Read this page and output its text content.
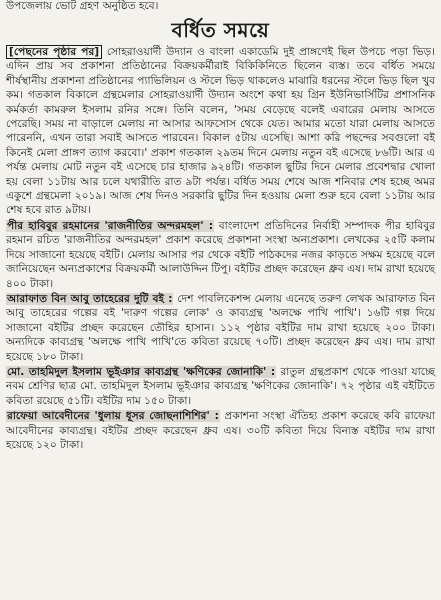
উপজেলায় ভোট গ্রহণ অনুষ্ঠিত হবে।
বর্ধিত সময়ে

[পেছনের পৃষ্ঠার পর] সোহরাওয়ার্দী উদ্যান ও বাংলা একাডেমি দুই প্রাঙ্গণেই ছিল উপচে পড়া ভিড়। এদিন প্রায় সব প্রকাশনা প্রতিষ্ঠানের বিক্রয়কর্মীরাই বিকিকিনিতে ছিলেন ব্যস্ত। তবে বর্ধিত সময়ে শীর্ষস্থানীয় প্রকাশনা প্রতিষ্ঠানের প্যাভিলিয়ন ও স্টলে ভিড় থাকলেও মাঝারি ধরনের স্টলে ভিড় ছিল খুব কম। গতকাল বিকালে গ্রন্থমেলার সোহরাওয়ার্দী উদ্যান অংশে কথা হয় গ্রিন ইউনিভার্সিটির প্রশাসনিক কর্মকর্তা কামরুল ইসলাম রনির সঙ্গে। তিনি বলেন, 'সময় বেড়েছে বলেই এবারের মেলায় আসতে পেরেছি। সময় না বাড়ালে মেলায় না আসার আফসোস থেকে যেত। আমার মতো যারা মেলায় আসতে পারেননি, এখন তারা সবাই আসতে পারবেন। বিকাল ৫টায় এসেছি। আশা করি পছন্দের সবগুলো বই কিনেই মেলা প্রাঙ্গণ ত্যাগ করবো।' প্রকাশ গতকাল ২৯তম দিনে মেলায় নতুন বই এসেছে ৮৬টি। আর এ পর্যন্ত মেলায় মোট নতুন বই এসেছে চার হাজার ৯২৪টি। গতকাল ছুটির দিনে মেলার প্রবেশদ্বার খোলা হয় বেলা ১১টায় আর চলে যথারীতি রাত ৯টা পর্যন্ত। বর্ধিত সময় শেষে আজ শনিবার শেষ হচ্ছে অমর একুশে গ্রন্থমেলা ২০১৯। আজ শেষ দিনও সরকারি ছুটির দিন হওয়ায় মেলা শুরু হবে বেলা ১১টায় আর শেষ হবে রাত ৯টায়।

পীর হাবিবুর রহমানের 'রাজনীতির অন্দরমহল' : বাংলাদেশ প্রতিদিনের নির্বাহী সম্পাদক পীর হাবিবুর রহমান রচিত 'রাজনীতির অন্দরমহল' প্রকাশ করেছে প্রকাশনা সংস্থা অন্যপ্রকাশ। লেখকের ২৫টি কলাম দিয়ে সাজানো হয়েছে বইটি। মেলায় আসার পর থেকে বইটি পাঠকদের নজর কাড়তে সক্ষম হয়েছে বলে জানিয়েছেন অন্যপ্রকাশের বিক্রয়কর্মী আলাউদ্দিন টিপু। বইটির প্রচ্ছদ করেছেন ধ্রুব এষ। দাম রাখা হয়েছে ৪০০ টাকা।

আরাফাত বিন আবু তাহেরের দুটি বই : দেশ পাবলিকেশন্স মেলায় এনেছে তরুণ লেখক আরাফাত বিন আবু তাহেরের গল্পের বই 'দারুণ গল্পের লোক' ও কাব্যগ্রন্থ 'অলক্ষে পাখি পাখি'। ১৬টি গল্প দিয়ে সাজানো বইটির প্রচ্ছদ করেছেন তৌহির হাসান। ১১২ পৃষ্ঠার বইটির দাম রাখা হয়েছে ২০০ টাকা। অন্যদিকে কাব্যগ্রন্থ 'অলক্ষে পাখি পাখি'তে কবিতা রয়েছে ৭০টি। প্রচ্ছদ করেছেন ধ্রুব এষ। দাম রাখা হয়েছে ১৮০ টাকা।

মো. তাহমিদুল ইসলাম ভূইঞার কাব্যগ্রন্থ 'ক্ষণিকের জোনাকি' : রাতুল গ্রন্থপ্রকাশ থেকে পাওয়া যাচ্ছে নবম শ্রেণির ছাত্র মো. তাহমিদুল ইসলাম ভূইঞার কাব্যগ্রন্থ 'ক্ষণিকের জোনাকি'। ৭২ পৃষ্ঠার এই বইটিতে কবিতা রয়েছে ৫১টি। বইটির দাম ১৫০ টাকা।

রাফেয়া আবেদীনের 'ধুলায় ধূসর জোছনাশিশির' : প্রকাশনা সংস্থা ঐতিহ্য প্রকাশ করেছে কবি রাফেয়া আবেদীনের কাব্যগ্রন্থ। বইটির প্রচ্ছদ করেছেন ধ্রুব এষ। ৩০টি কবিতা দিয়ে বিন্যস্ত বইটির দাম রাখা হয়েছে ১২০ টাকা।
